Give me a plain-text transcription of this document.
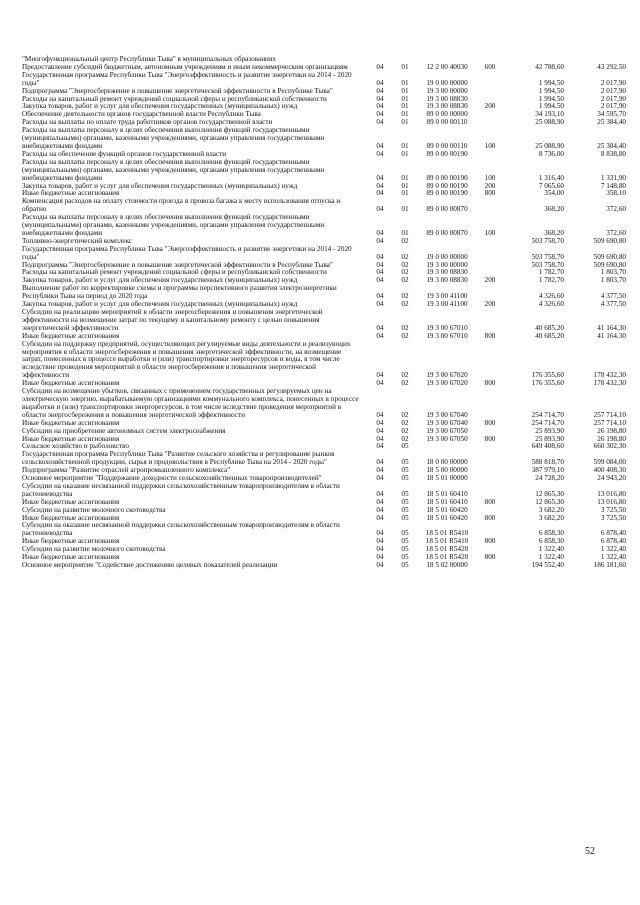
"Многофункциональный центр Республики Тыва" в муниципальных образованиях						
Предоставление субсидий бюджетным, автономным учреждениям и иным некоммерческим организациям	04	01	12 2 00 40030	600	42 788,60	43 292,50
Государственная программа Республики Тыва "Энергоэффективность и развитие энергетики на 2014 - 2020 годы"	04	01	19 0 00 00000		1 994,50	2 017,90
Подпрограмма "Энергосбережение и повышение энергетической эффективности в Республике Тыва"	04	01	19 3 00 00000		1 994,50	2 017,90
Расходы на капитальный ремонт учреждений социальной сферы и республиканской собственности	04	01	19 3 00 08830		1 994,50	2 017,90
Закупка товаров, работ и услуг для обеспечения государственных (муниципальных) нужд	04	01	19 3 00 08830	200	1 994,50	2 017,90
Обеспечение деятельности органов государственной власти Республики Тыва	04	01	89 0 00 00000		34 193,10	34 595,70
Расходы на выплаты по оплате труда работников органов государственной власти	04	01	89 0 00 00110		25 088,90	25 384,40
Расходы на выплаты персоналу в целях обеспечения выполнения функций государственными (муниципальными) органами, казенными учреждениями, органами управления государственными внебюджетными фондами	04	01	89 0 00 00110	100	25 088,90	25 384,40
Расходы на обеспечение функций органов государственной власти	04	01	89 0 00 00190		8 736,00	8 838,80
Расходы на выплаты персоналу в целях обеспечения выполнения функций государственными (муниципальными) органами, казенными учреждениями, органами управления государственными внебюджетными фондами	04	01	89 0 00 00190	100	1 316,40	1 331,90
Закупка товаров, работ и услуг для обеспечения государственных (муниципальных) нужд	04	01	89 0 00 00190	200	7 065,60	7 148,80
Иные бюджетные ассигнования	04	01	89 0 00 00190	800	354,00	358,10
Компенсация расходов на оплату стоимости проезда и провоза багажа к месту использования отпуска и обратно	04	01	89 0 00 00870		368,20	372,60
Расходы на выплаты персоналу в целях обеспечения выполнения функций государственными (муниципальными) органами, казенными учреждениями, органами управления государственными внебюджетными фондами	04	01	89 0 00 00870	100	368,20	372,60
Топливно-энергетический комплекс	04	02			503 758,70	509 690,80
Государственная программа Республики Тыва "Энергоэффективность и развитие энергетики на 2014 - 2020 годы"	04	02	19 0 00 00000		503 758,70	509 690,80
Подпрограмма "Энергосбережение и повышение энергетической эффективности в Республике Тыва"	04	02	19 3 00 00000		503 758,70	509 690,80
Расходы на капитальный ремонт учреждений социальной сферы и республиканской собственности	04	02	19 3 00 08830		1 782,70	1 803,70
Закупка товаров, работ и услуг для обеспечения государственных (муниципальных) нужд	04	02	19 3 00 08830	200	1 782,70	1 803,70
Выполнение работ по корректировке схемы и программы перспективного развития электроэнергетики Республики Тыва на период до 2020 года	04	02	19 3 00 41100		4 326,60	4 377,50
Закупка товаров, работ и услуг для обеспечения государственных (муниципальных) нужд	04	02	19 3 00 41100	200	4 326,60	4 377,50
Субсидии на реализацию мероприятий в области энергосбережения и повышения энергетической эффективности на возмещение затрат по текущему и капитальному ремонту с целью повышения энергетической эффективности	04	02	19 3 00 67010		40 685,20	41 164,30
Иные бюджетные ассигнования	04	02	19 3 00 67010	800	40 685,20	41 164,30
Субсидии на поддержку предприятий, осуществляющих регулируемые виды деятельности и реализующих мероприятия в области энергосбережения и повышения энергетической эффективности, на возмещение затрат, понесенных в процессе выработки и (или) транспортировки энергоресурсов и воды, в том числе вследствие проведения мероприятий в области энергосбережения и повышения энергетической эффективности	04	02	19 3 00 67020		176 355,60	178 432,30
Иные бюджетные ассигнования	04	02	19 3 00 67020	800	176 355,60	178 432,30
Субсидии на возмещение убытков, связанных с применением государственных регулируемых цен на электрическую энергию, вырабатываемую организациями коммунального комплекса, понесенных в процессе выработки и (или) транспортировки энергоресурсов, в том числе вследствие проведения мероприятий в области энергосбережения и повышения энергетической эффективности	04	02	19 3 00 67040		254 714,70	257 714,10
Иные бюджетные ассигнования	04	02	19 3 00 67040	800	254 714,70	257 714,10
Субсидии на приобретение автономных систем электроснабжения	04	02	19 3 00 67050		25 893,90	26 198,80
Иные бюджетные ассигнования	04	02	19 3 00 67050	800	25 893,90	26 198,80
Сельское хозяйство и рыболовство	04	05			649 408,60	660 302,30
Государственная программа Республики Тыва "Развитие сельского хозяйства и регулирование рынков сельскохозяйственной продукции, сырья и продовольствия в Республике Тыва на 2014 - 2020 годы"	04	05	18 0 00 00000		588 818,70	599 084,00
Подпрограмма "Развитие отраслей агропромышленного комплекса"	04	05	18 5 00 00000		387 979,10	400 408,30
Основное мероприятие "Поддержание доходности сельскохозяйственных товаропроизводителей"	04	05	18 5 01 00000		24 728,20	24 943,20
Субсидии на оказание несвязанной поддержки сельскохозяйственным товаропроизводителям в области растениеводства	04	05	18 5 01 60410		12 865,30	13 016,80
Иные бюджетные ассигнования	04	05	18 5 01 60410	800	12 865,30	13 016,80
Субсидии на развитие молочного скотоводства	04	05	18 5 01 60420		3 682,20	3 725,50
Иные бюджетные ассигнования	04	05	18 5 01 60420	800	3 682,20	3 725,50
Субсидии на оказание несвязанной поддержки сельскохозяйственным товаропроизводителям в области растениеводства	04	05	18 5 01 R5410		6 858,30	6 878,40
Иные бюджетные ассигнования	04	05	18 5 01 R5410	800	6 858,30	6 878,40
Субсидии на развитие молочного скотоводства	04	05	18 5 01 R5420		1 322,40	1 322,40
Иные бюджетные ассигнования	04	05	18 5 01 R5420	800	1 322,40	1 322,40
Основное мероприятие "Содействие достижению целевых показателей реализации	04	05	18 5 02 00000		194 552,40	186 181,60
52
